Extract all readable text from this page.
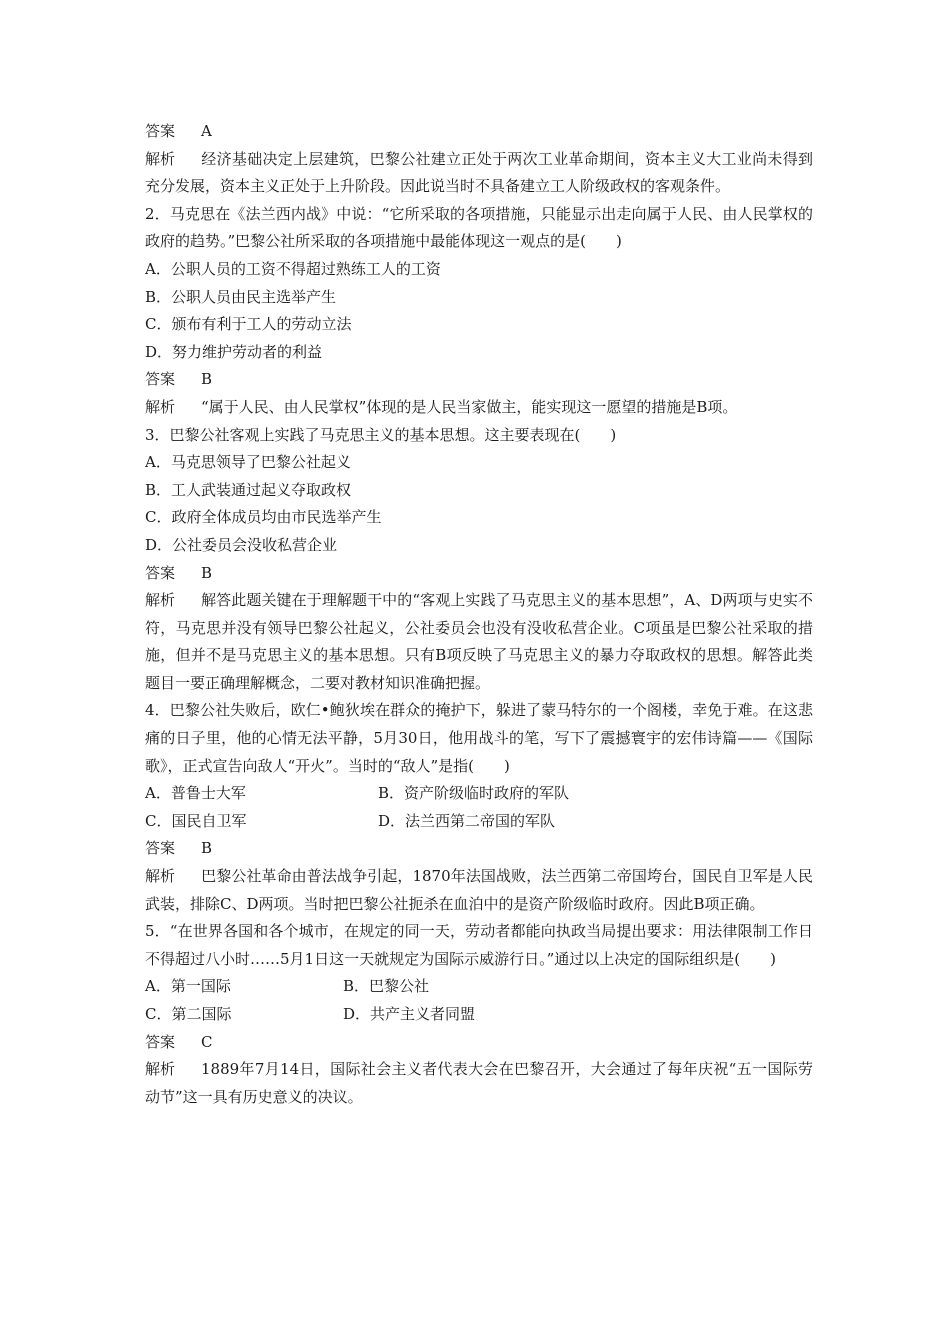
答案 A
解析 经济基础决定上层建筑，巴黎公社建立正处于两次工业革命期间，资本主义大工业尚未得到充分发展，资本主义正处于上升阶段。因此说当时不具备建立工人阶级政权的客观条件。
2．马克思在《法兰西内战》中说：“它所采取的各项措施，只能显示出走向属于人民、由人民掌权的政府的趋势。”巴黎公社所采取的各项措施中最能体现这一观点的是(　　)
A．公职人员的工资不得超过熟练工人的工资
B．公职人员由民主选举产生
C．颁布有利于工人的劳动立法
D．努力维护劳动者的利益
答案 B
解析 “属于人民、由人民掌权”体现的是人民当家做主，能实现这一愿望的措施是B项。
3．巴黎公社客观上实践了马克思主义的基本思想。这主要表现在(　　)
A．马克思领导了巴黎公社起义
B．工人武装通过起义夺取政权
C．政府全体成员均由市民选举产生
D．公社委员会没收私营企业
答案 B
解析 解答此题关键在于理解题干中的“客观上实践了马克思主义的基本思想”，A、D两项与史实不符，马克思并没有领导巴黎公社起义，公社委员会也没有没收私营企业。C项虽是巴黎公社采取的措施，但并不是马克思主义的基本思想。只有B项反映了马克思主义的暴力夺取政权的思想。解答此类题目一要正确理解概念，二要对教材知识准确把握。
4．巴黎公社失败后，欧仁•鲍狄埃在群众的掩护下，躲进了蒙马特尔的一个阁楼，幸免于难。在这悲痛的日子里，他的心情无法平静，5月30日，他用战斗的笔，写下了震撼寰宇的宏伟诗篇——《国际歌》，正式宣告向敌人“开火”。当时的“敌人”是指(　　)
A．普鲁士大军	B．资产阶级临时政府的军队
C．国民自卫军	D．法兰西第二帝国的军队
答案 B
解析 巴黎公社革命由普法战争引起，1870年法国战败，法兰西第二帝国垮台，国民自卫军是人民武装，排除C、D两项。当时把巴黎公社扼杀在血泊中的是资产阶级临时政府。因此B项正确。
5．“在世界各国和各个城市，在规定的同一天，劳动者都能向执政当局提出要求：用法律限制工作日不得超过八小时……5月1日这一天就规定为国际示威游行日。”通过以上决定的国际组织是(　　)
A．第一国际	B．巴黎公社
C．第二国际	D．共产主义者同盟
答案 C
解析 1889年7月14日，国际社会主义者代表大会在巴黎召开，大会通过了每年庆祝“五一国际劳动节”这一具有历史意义的决议。
